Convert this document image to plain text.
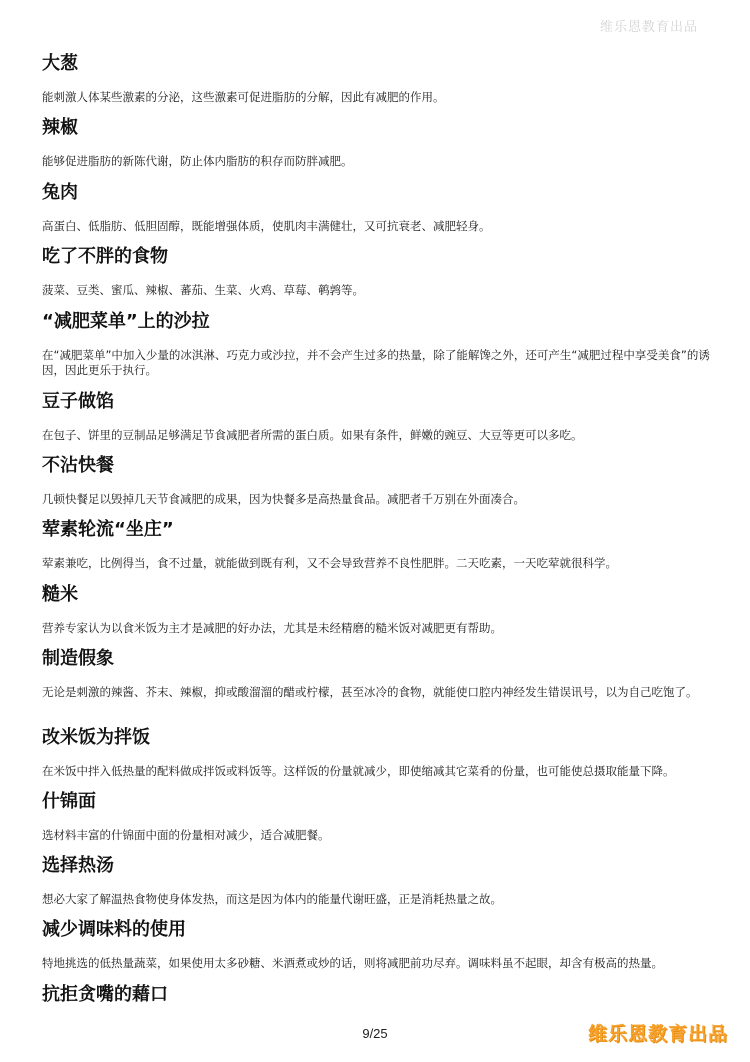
维乐恩教育出品
大葱

能刺激人体某些激素的分泌，这些激素可促进脂肪的分解，因此有减肥的作用。

辣椒

能够促进脂肪的新陈代谢，防止体内脂肪的积存而防胖减肥。

兔肉

高蛋白、低脂肪、低胆固醇，既能增强体质，使肌肉丰满健壮，又可抗衰老、减肥轻身。

吃了不胖的食物

菠菜、豆类、蜜瓜、辣椒、蕃茄、生菜、火鸡、草莓、鹌鹑等。

“减肥菜单”上的沙拉

在“减肥菜单”中加入少量的冰淇淋、巧克力或沙拉，并不会产生过多的热量，除了能解馋之外，还可产生“减肥过程中享受美食”的诱因，因此更乐于执行。

豆子做馅

在包子、饼里的豆制品足够满足节食减肥者所需的蛋白质。如果有条件，鲜嫩的豌豆、大豆等更可以多吃。

不沾快餐

几顿快餐足以毁掉几天节食减肥的成果，因为快餐多是高热量食品。减肥者千万别在外面凑合。

荤素轮流“坐庄”

荤素兼吃，比例得当，食不过量，就能做到既有利，又不会导致营养不良性肥胖。二天吃素，一天吃荤就很科学。

糙米

营养专家认为以食米饭为主才是减肥的好办法，尤其是未经精磨的糙米饭对减肥更有帮助。

制造假象

无论是刺激的辣酱、芥末、辣椒，抑或酸溜溜的醋或柠檬，甚至冰冷的食物，就能使口腔内神经发生错误讯号，以为自己吃饱了。

改米饭为拌饭

在米饭中拌入低热量的配料做成拌饭或料饭等。这样饭的份量就减少，即使缩减其它菜肴的份量，也可能使总摄取能量下降。

什锦面

选材料丰富的什锦面中面的份量相对减少，适合减肥餐。

选择热汤

想必大家了解温热食物使身体发热，而这是因为体内的能量代谢旺盛，正是消耗热量之故。

减少调味料的使用

特地挑选的低热量蔬菜，如果使用太多砂糖、米酒煮或炒的话，则将减肥前功尽弃。调味料虽不起眼，却含有极高的热量。

抗拒贪嘴的藉口
9/25	维乐恩教育出品
